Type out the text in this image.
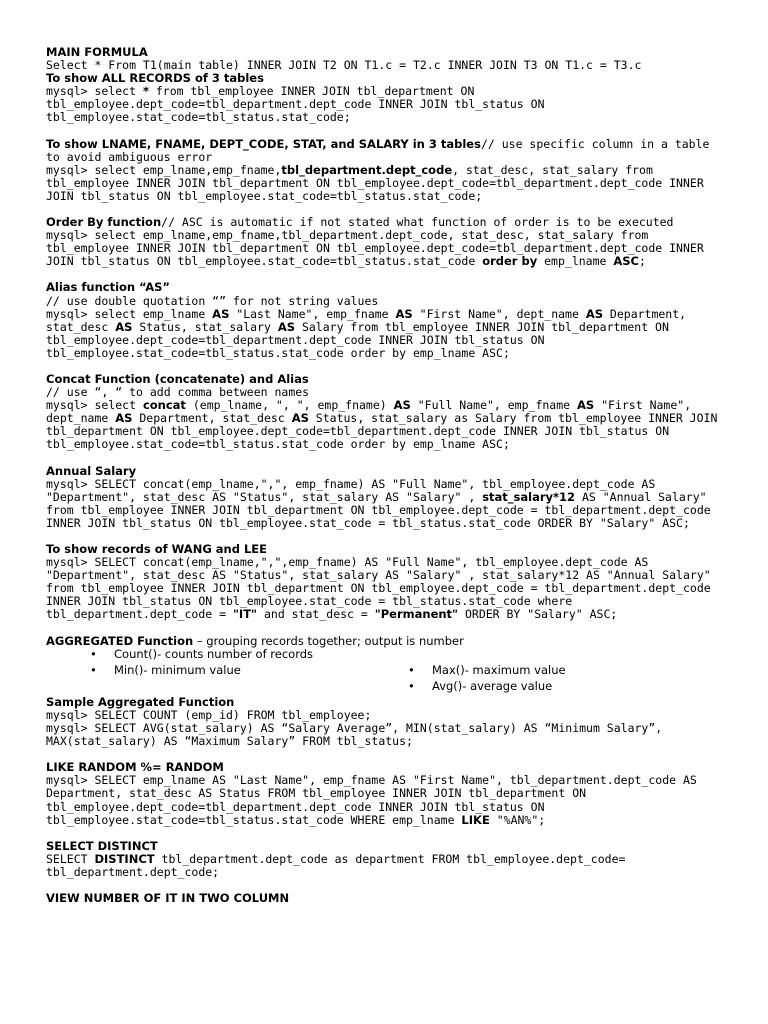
MAIN FORMULA
Select * From T1(main table) INNER JOIN T2 ON T1.c = T2.c INNER JOIN T3 ON T1.c = T3.c
To show ALL RECORDS of 3 tables
mysql> select * from tbl_employee INNER JOIN tbl_department ON tbl_employee.dept_code=tbl_department.dept_code INNER JOIN tbl_status ON tbl_employee.stat_code=tbl_status.stat_code;
To show LNAME, FNAME, DEPT_CODE, STAT, and SALARY in 3 tables// use specific column in a table to avoid ambiguous error
mysql> select emp_lname,emp_fname,tbl_department.dept_code, stat_desc, stat_salary from tbl_employee INNER JOIN tbl_department ON tbl_employee.dept_code=tbl_department.dept_code INNER JOIN tbl_status ON tbl_employee.stat_code=tbl_status.stat_code;
Order By function// ASC is automatic if not stated what function of order is to be executed
mysql> select emp_lname,emp_fname,tbl_department.dept_code, stat_desc, stat_salary from tbl_employee INNER JOIN tbl_department ON tbl_employee.dept_code=tbl_department.dept_code INNER JOIN tbl_status ON tbl_employee.stat_code=tbl_status.stat_code order by emp_lname ASC;
Alias function “AS”
// use double quotation “” for not string values
mysql> select emp_lname AS "Last Name", emp_fname AS "First Name", dept_name AS Department, stat_desc AS Status, stat_salary AS Salary from tbl_employee INNER JOIN tbl_department ON tbl_employee.dept_code=tbl_department.dept_code INNER JOIN tbl_status ON tbl_employee.stat_code=tbl_status.stat_code order by emp_lname ASC;
Concat Function (concatenate) and Alias
// use “, “ to add comma between names
mysql> select concat (emp_lname, ", ", emp_fname) AS "Full Name", emp_fname AS "First Name", dept_name AS Department, stat_desc AS Status, stat_salary as Salary from tbl_employee INNER JOIN tbl_department ON tbl_employee.dept_code=tbl_department.dept_code INNER JOIN tbl_status ON tbl_employee.stat_code=tbl_status.stat_code order by emp_lname ASC;
Annual Salary
mysql> SELECT concat(emp_lname,",", emp_fname) AS "Full Name", tbl_employee.dept_code AS "Department", stat_desc AS "Status", stat_salary AS "Salary" , stat_salary*12 AS "Annual Salary" from tbl_employee INNER JOIN tbl_department ON tbl_employee.dept_code = tbl_department.dept_code INNER JOIN tbl_status ON tbl_employee.stat_code = tbl_status.stat_code ORDER BY "Salary" ASC;
To show records of WANG and LEE
mysql> SELECT concat(emp_lname,",",emp_fname) AS "Full Name", tbl_employee.dept_code AS "Department", stat_desc AS "Status", stat_salary AS "Salary" , stat_salary*12 AS "Annual Salary" from tbl_employee INNER JOIN tbl_department ON tbl_employee.dept_code = tbl_department.dept_code INNER JOIN tbl_status ON tbl_employee.stat_code = tbl_status.stat_code where tbl_department.dept_code = "IT" and stat_desc = "Permanent" ORDER BY "Salary" ASC;
AGGREGATED Function – grouping records together; output is number
• Count()- counts number of records
• Min()- minimum value	• Max()- maximum value
• Avg()- average value
Sample Aggregated Function
mysql> SELECT COUNT (emp_id) FROM tbl_employee;
mysql> SELECT AVG(stat_salary) AS “Salary Average”, MIN(stat_salary) AS “Minimum Salary”, MAX(stat_salary) AS “Maximum Salary” FROM tbl_status;
LIKE RANDOM %= RANDOM
mysql> SELECT emp_lname AS "Last Name", emp_fname AS "First Name", tbl_department.dept_code AS Department, stat_desc AS Status FROM tbl_employee INNER JOIN tbl_department ON tbl_employee.dept_code=tbl_department.dept_code INNER JOIN tbl_status ON tbl_employee.stat_code=tbl_status.stat_code WHERE emp_lname LIKE "%AN%";
SELECT DISTINCT
SELECT DISTINCT tbl_department.dept_code as department FROM tbl_employee.dept_code= tbl_department.dept_code;
VIEW NUMBER OF IT IN TWO COLUMN
